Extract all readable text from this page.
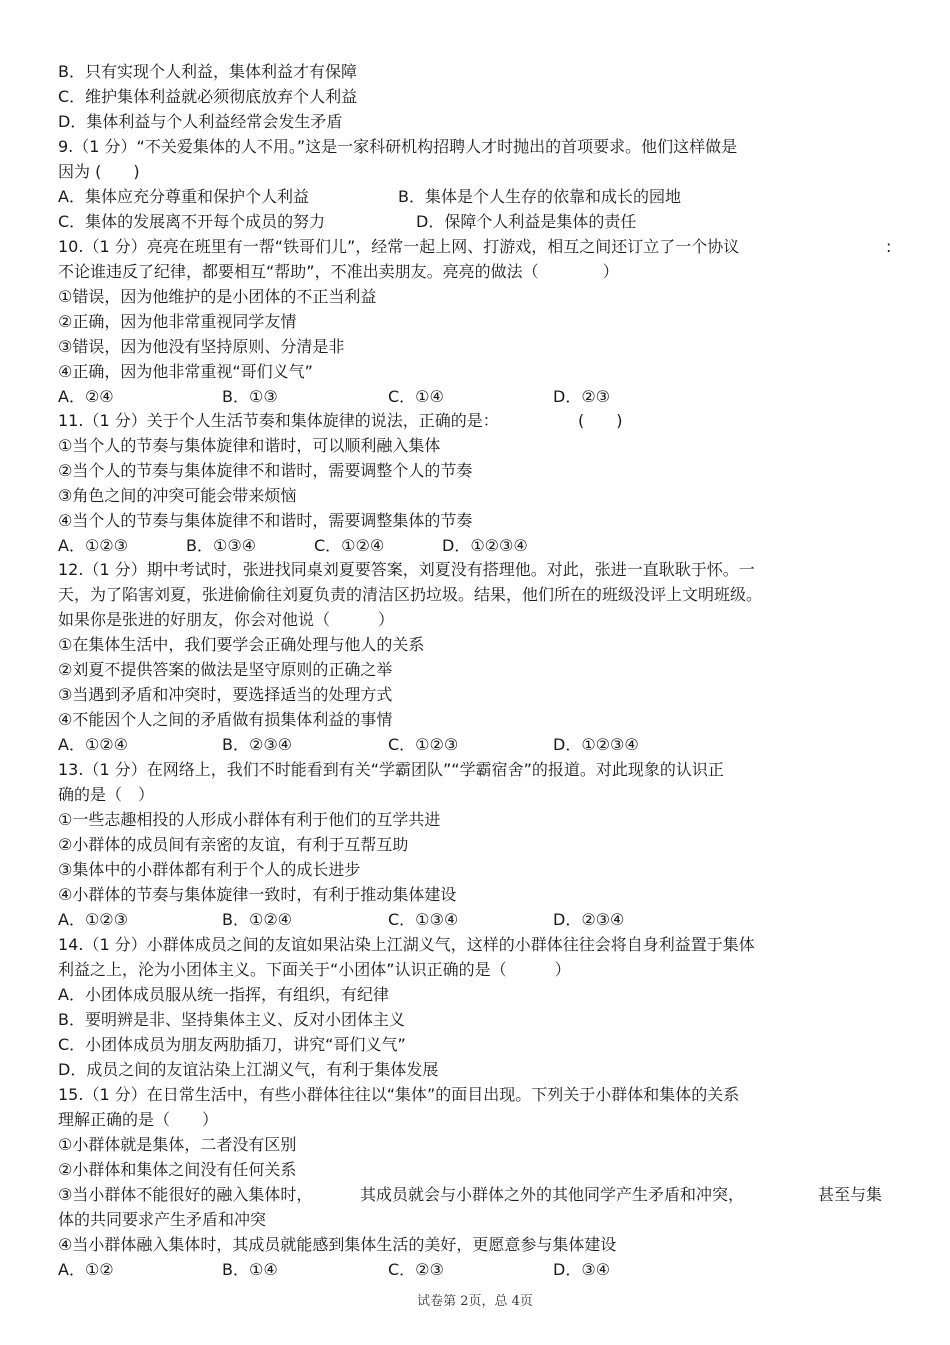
B．只有实现个人利益，集体利益才有保障
C．维护集体利益就必须彻底放弃个人利益
D．集体利益与个人利益经常会发生矛盾
9.（1 分）“不关爱集体的人不用。”这是一家科研机构招聘人才时抛出的首项要求。他们这样做是
因为 (　　)
A．集体应充分尊重和保护个人利益	B．集体是个人生存的依靠和成长的园地
C．集体的发展离不开每个成员的努力	D．保障个人利益是集体的责任
10.（1 分）亮亮在班里有一帮“铁哥们儿”，经常一起上网、打游戏，相互之间还订立了一个协议	:
不论谁违反了纪律，都要相互“帮助”，不准出卖朋友。亮亮的做法（　　　　）
①错误，因为他维护的是小团体的不正当利益
②正确，因为他非常重视同学友情
③错误，因为他没有坚持原则、分清是非
④正确，因为他非常重视“哥们义气”
A．②④	B．①③	C．①④	D．②③
11.（1 分）关于个人生活节奏和集体旋律的说法，正确的是：	(　　)
①当个人的节奏与集体旋律和谐时，可以顺利融入集体
②当个人的节奏与集体旋律不和谐时，需要调整个人的节奏
③角色之间的冲突可能会带来烦恼
④当个人的节奏与集体旋律不和谐时，需要调整集体的节奏
A．①②③	B．①③④	C．①②④	D．①②③④
12.（1 分）期中考试时，张进找同桌刘夏要答案，刘夏没有搭理他。对此，张进一直耿耿于怀。一
天，为了陷害刘夏，张进偷偷往刘夏负责的清洁区扔垃圾。结果，他们所在的班级没评上文明班级。
如果你是张进的好朋友，你会对他说（　　　）
①在集体生活中，我们要学会正确处理与他人的关系
②刘夏不提供答案的做法是坚守原则的正确之举
③当遇到矛盾和冲突时，要选择适当的处理方式
④不能因个人之间的矛盾做有损集体利益的事情
A．①②④	B．②③④	C．①②③	D．①②③④
13.（1 分）在网络上，我们不时能看到有关“学霸团队”“学霸宿舍”的报道。对此现象的认识正
确的是（　）
①一些志趣相投的人形成小群体有利于他们的互学共进
②小群体的成员间有亲密的友谊，有利于互帮互助
③集体中的小群体都有利于个人的成长进步
④小群体的节奏与集体旋律一致时，有利于推动集体建设
A．①②③	B．①②④	C．①③④	D．②③④
14.（1 分）小群体成员之间的友谊如果沾染上江湖义气，这样的小群体往往会将自身利益置于集体
利益之上，沦为小团体主义。下面关于“小团体”认识正确的是（　　　）
A．小团体成员服从统一指挥，有组织，有纪律
B．要明辨是非、坚持集体主义、反对小团体主义
C．小团体成员为朋友两肋插刀，讲究“哥们义气”
D．成员之间的友谊沾染上江湖义气，有利于集体发展
15.（1 分）在日常生活中，有些小群体往往以“集体”的面目出现。下列关于小群体和集体的关系
理解正确的是（　　）
①小群体就是集体，二者没有区别
②小群体和集体之间没有任何关系
③当小群体不能很好的融入集体时，	其成员就会与小群体之外的其他同学产生矛盾和冲突，	甚至与集
体的共同要求产生矛盾和冲突
④当小群体融入集体时，其成员就能感到集体生活的美好，更愿意参与集体建设
A．①②	B．①④	C．②③	D．③④
试卷第 2页，总 4页
